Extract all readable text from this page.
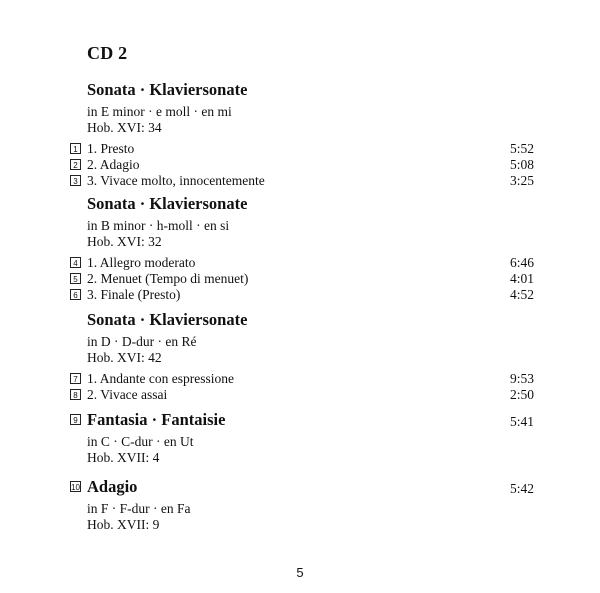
CD 2
Sonata · Klaviersonate
in E minor · e moll · en mi
Hob. XVI: 34
1 1. Presto	5:52
2 2. Adagio	5:08
3 3. Vivace molto, innocentemente	3:25
Sonata · Klaviersonate
in B minor · h-moll · en si
Hob. XVI: 32
4 1. Allegro moderato	6:46
5 2. Menuet (Tempo di menuet)	4:01
6 3. Finale (Presto)	4:52
Sonata · Klaviersonate
in D · D-dur · en Ré
Hob. XVI: 42
7 1. Andante con espressione	9:53
8 2. Vivace assai	2:50
9 Fantasia · Fantaisie	5:41
in C · C-dur · en Ut
Hob. XVII: 4
10 Adagio	5:42
in F · F-dur · en Fa
Hob. XVII: 9
5
